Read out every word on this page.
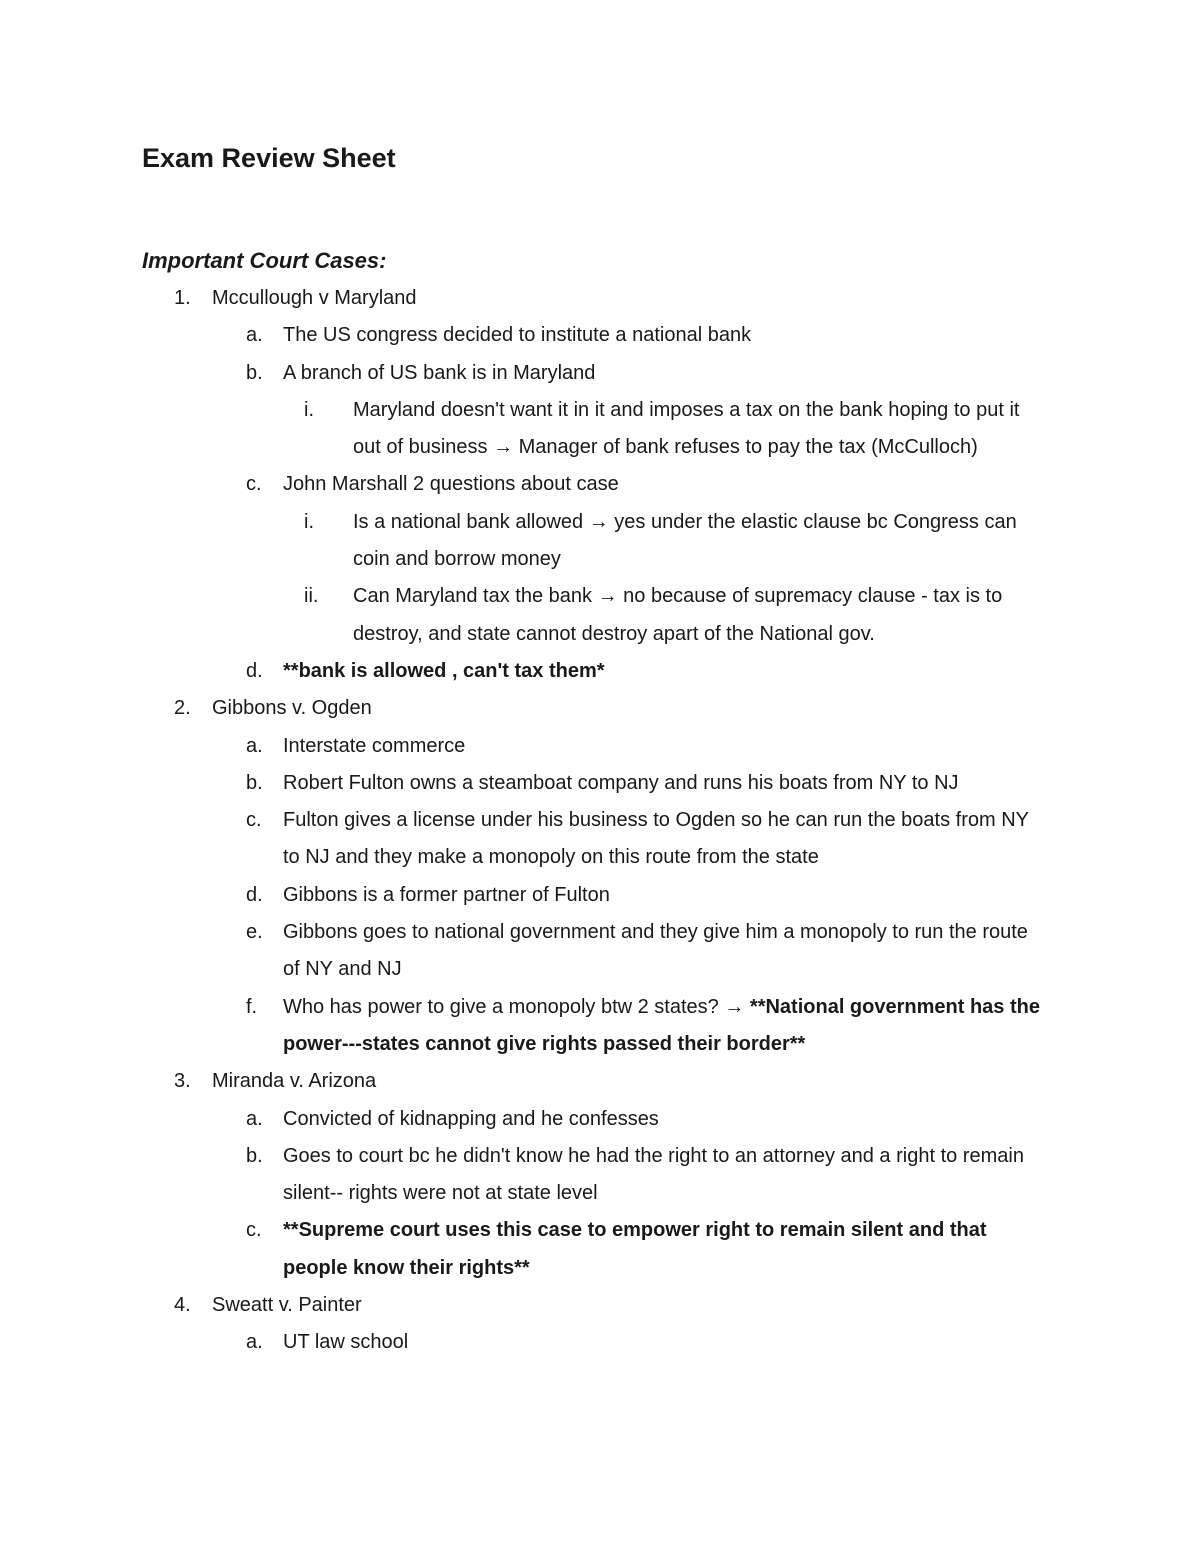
Exam Review Sheet
Important Court Cases:
1. Mccullough v Maryland
a. The US congress decided to institute a national bank
b. A branch of US bank is in Maryland
i. Maryland doesn't want it in it and imposes a tax on the bank hoping to put it out of business → Manager of bank refuses to pay the tax (McCulloch)
c. John Marshall 2 questions about case
i. Is a national bank allowed → yes under the elastic clause bc Congress can coin and borrow money
ii. Can Maryland tax the bank → no because of supremacy clause - tax is to destroy, and state cannot destroy apart of the National gov.
d. **bank is allowed , can't tax them*
2. Gibbons v. Ogden
a. Interstate commerce
b. Robert Fulton owns a steamboat company and runs his boats from NY to NJ
c. Fulton gives a license under his business to Ogden so he can run the boats from NY to NJ and they make a monopoly on this route from the state
d. Gibbons is a former partner of Fulton
e. Gibbons goes to national government and they give him a monopoly to run the route of NY and NJ
f. Who has power to give a monopoly btw 2 states? → **National government has the power---states cannot give rights passed their border**
3. Miranda v. Arizona
a. Convicted of kidnapping and he confesses
b. Goes to court bc he didn't know he had the right to an attorney and a right to remain silent-- rights were not at state level
c. **Supreme court uses this case to empower right to remain silent and that people know their rights**
4. Sweatt v. Painter
a. UT law school
